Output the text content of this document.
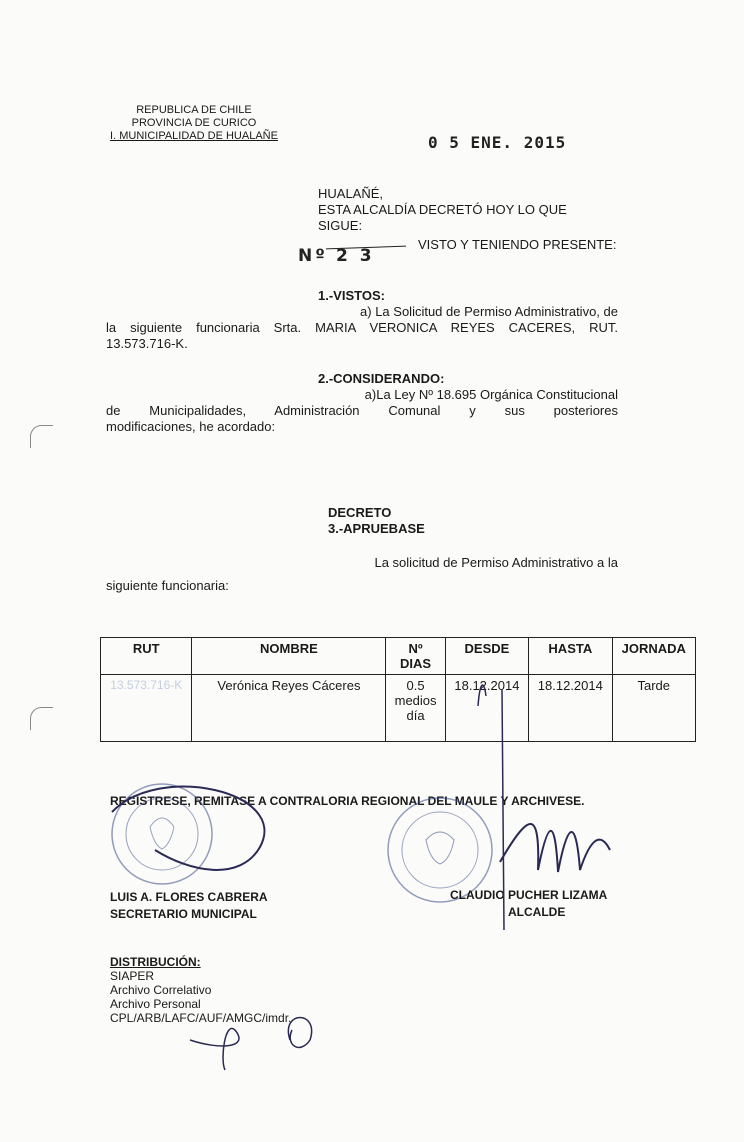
REPUBLICA DE CHILE
PROVINCIA DE CURICO
I. MUNICIPALIDAD DE HUALAÑE	0 5 ENE. 2015
HUALAÑÉ,
ESTA ALCALDÍA DECRETÓ HOY LO QUE
SIGUE:
Nº 2 3
VISTO Y TENIENDO PRESENTE:
1.-VISTOS:
a) La Solicitud de Permiso Administrativo, de
la siguiente funcionaria Srta. MARIA VERONICA REYES CACERES, RUT.
13.573.716-K.
2.-CONSIDERANDO:
a)La Ley Nº 18.695 Orgánica Constitucional
de Municipalidades, Administración Comunal y sus posteriores
modificaciones, he acordado:
DECRETO
3.-APRUEBASE
La solicitud de Permiso Administrativo a la
siguiente funcionaria:
RUT	NOMBRE	Nº DIAS	DESDE	HASTA	JORNADA
13.573.716-K	Verónica Reyes Cáceres	0.5 medios día	18.12.2014	18.12.2014	Tarde
REGISTRESE, REMITASE A CONTRALORIA REGIONAL DEL MAULE Y ARCHIVESE.
LUIS A. FLORES CABRERA
SECRETARIO MUNICIPAL
CLAUDIO PUCHER LIZAMA
ALCALDE
DISTRIBUCIÓN:
SIAPER
Archivo Correlativo
Archivo Personal
CPL/ARB/LAFC/AUF/AMGC/imdr.
